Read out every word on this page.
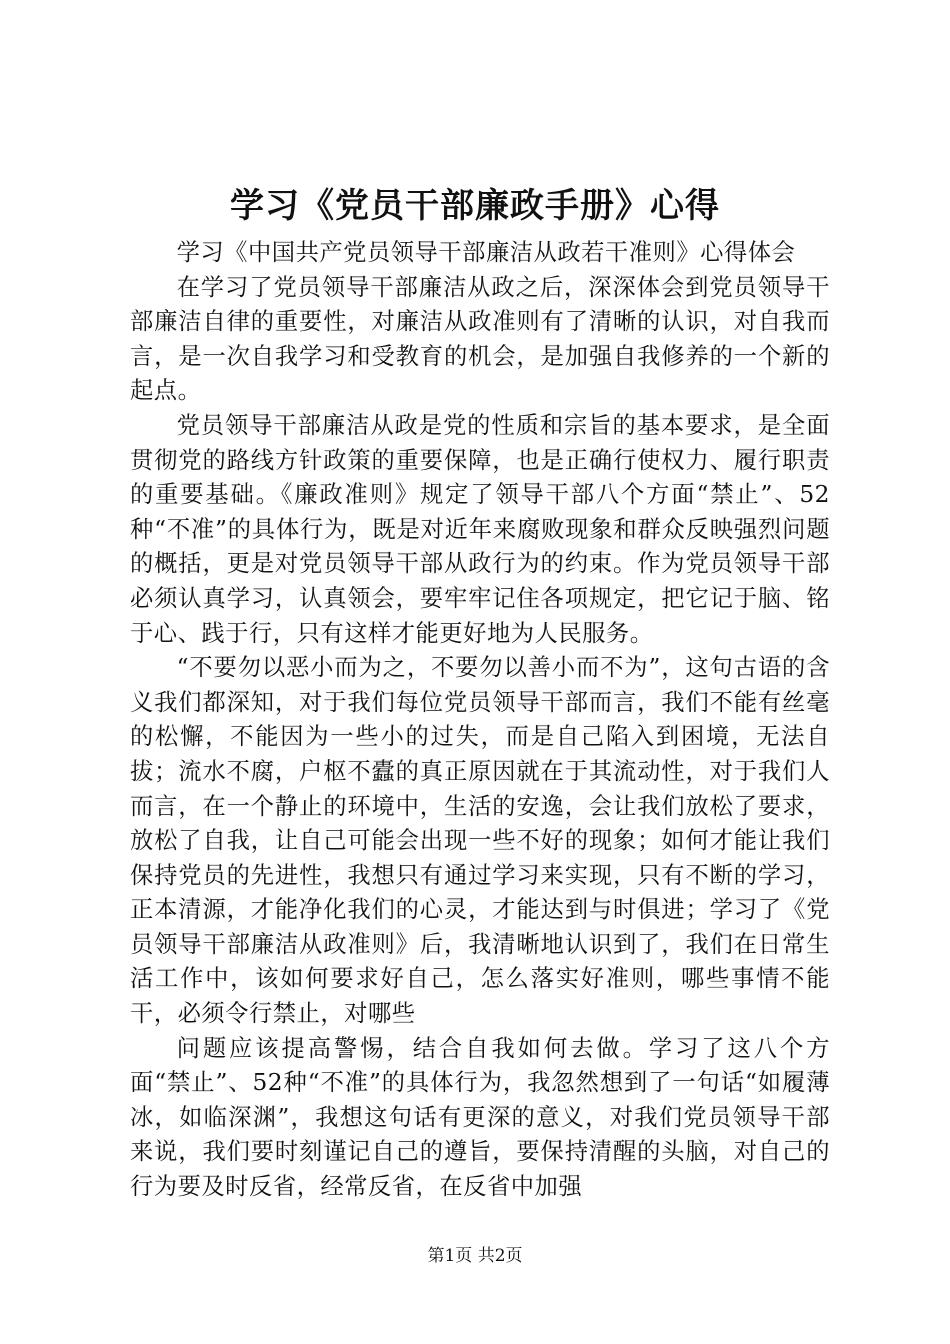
学习《党员干部廉政手册》心得

学习《中国共产党员领导干部廉洁从政若干准则》心得体会

在学习了党员领导干部廉洁从政之后，深深体会到党员领导干部廉洁自律的重要性，对廉洁从政准则有了清晰的认识，对自我而言，是一次自我学习和受教育的机会，是加强自我修养的一个新的起点。

党员领导干部廉洁从政是党的性质和宗旨的基本要求，是全面贯彻党的路线方针政策的重要保障，也是正确行使权力、履行职责的重要基础。《廉政准则》规定了领导干部八个方面“禁止”、52种“不准”的具体行为，既是对近年来腐败现象和群众反映强烈问题的概括，更是对党员领导干部从政行为的约束。作为党员领导干部必须认真学习，认真领会，要牢牢记住各项规定，把它记于脑、铭于心、践于行，只有这样才能更好地为人民服务。

“不要勿以恶小而为之，不要勿以善小而不为”，这句古语的含义我们都深知，对于我们每位党员领导干部而言，我们不能有丝毫的松懈，不能因为一些小的过失，而是自己陷入到困境，无法自拔；流水不腐，户枢不蠹的真正原因就在于其流动性，对于我们人而言，在一个静止的环境中，生活的安逸，会让我们放松了要求，放松了自我，让自己可能会出现一些不好的现象；如何才能让我们保持党员的先进性，我想只有通过学习来实现，只有不断的学习，正本清源，才能净化我们的心灵，才能达到与时俱进；学习了《党员领导干部廉洁从政准则》后，我清晰地认识到了，我们在日常生活工作中，该如何要求好自己，怎么落实好准则，哪些事情不能干，必须令行禁止，对哪些

问题应该提高警惕，结合自我如何去做。学习了这八个方面“禁止”、52种“不准”的具体行为，我忽然想到了一句话“如履薄冰，如临深渊”，我想这句话有更深的意义，对我们党员领导干部来说，我们要时刻谨记自己的遵旨，要保持清醒的头脑，对自己的行为要及时反省，经常反省，在反省中加强

第1页 共2页
